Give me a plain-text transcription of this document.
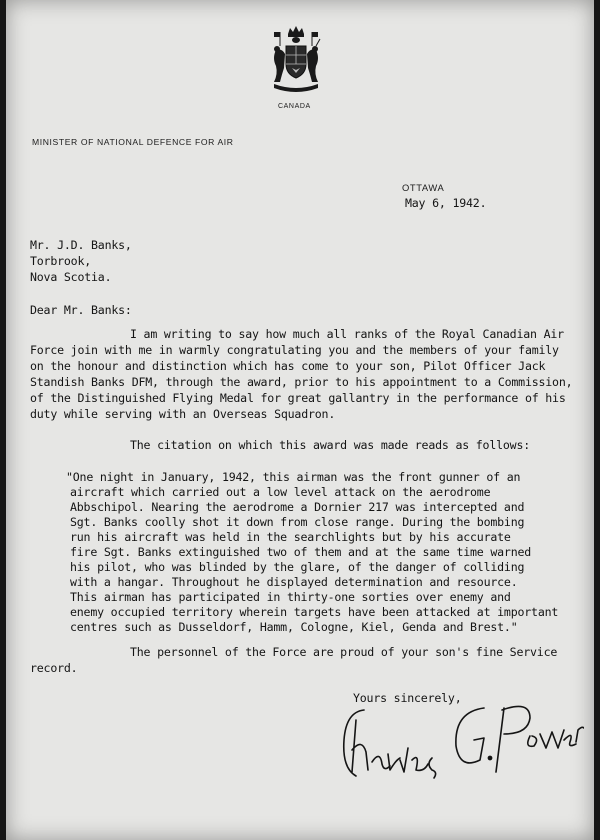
CANADA
MINISTER OF NATIONAL DEFENCE FOR AIR
OTTAWA
May 6, 1942.
Mr. J.D. Banks,
Torbrook,
Nova Scotia.
Dear Mr. Banks:
I am writing to say how much all ranks of the Royal Canadian Air
Force join with me in warmly congratulating you and the members of your family
on the honour and distinction which has come to your son, Pilot Officer Jack
Standish Banks DFM, through the award, prior to his appointment to a Commission,
of the Distinguished Flying Medal for great gallantry in the performance of his
duty while serving with an Overseas Squadron.
The citation on which this award was made reads as follows:
"One night in January, 1942, this airman was the front gunner of an
aircraft which carried out a low level attack on the aerodrome
Abbschipol. Nearing the aerodrome a Dornier 217 was intercepted and
Sgt. Banks coolly shot it down from close range. During the bombing
run his aircraft was held in the searchlights but by his accurate
fire Sgt. Banks extinguished two of them and at the same time warned
his pilot, who was blinded by the glare, of the danger of colliding
with a hangar. Throughout he displayed determination and resource.
This airman has participated in thirty-one sorties over enemy and
enemy occupied territory wherein targets have been attacked at important
centres such as Dusseldorf, Hamm, Cologne, Kiel, Genda and Brest."
The personnel of the Force are proud of your son's fine Service
record.
Yours sincerely,
